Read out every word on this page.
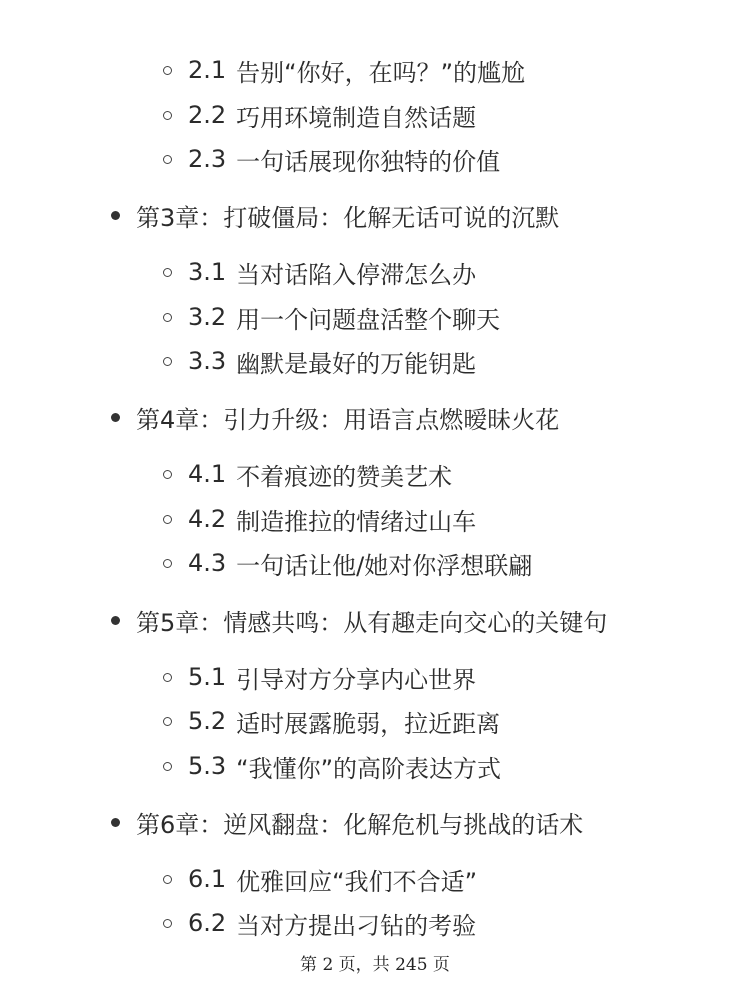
2.1 告别“你好，在吗？”的尴尬
2.2 巧用环境制造自然话题
2.3 一句话展现你独特的价值
第3章：打破僵局：化解无话可说的沉默
3.1 当对话陷入停滞怎么办
3.2 用一个问题盘活整个聊天
3.3 幽默是最好的万能钥匙
第4章：引力升级：用语言点燃暧昧火花
4.1 不着痕迹的赞美艺术
4.2 制造推拉的情绪过山车
4.3 一句话让他/她对你浮想联翩
第5章：情感共鸣：从有趣走向交心的关键句
5.1 引导对方分享内心世界
5.2 适时展露脆弱，拉近距离
5.3 “我懂你”的高阶表达方式
第6章：逆风翻盘：化解危机与挑战的话术
6.1 优雅回应“我们不合适”
6.2 当对方提出刁钻的考验
第 2 页，共 245 页
